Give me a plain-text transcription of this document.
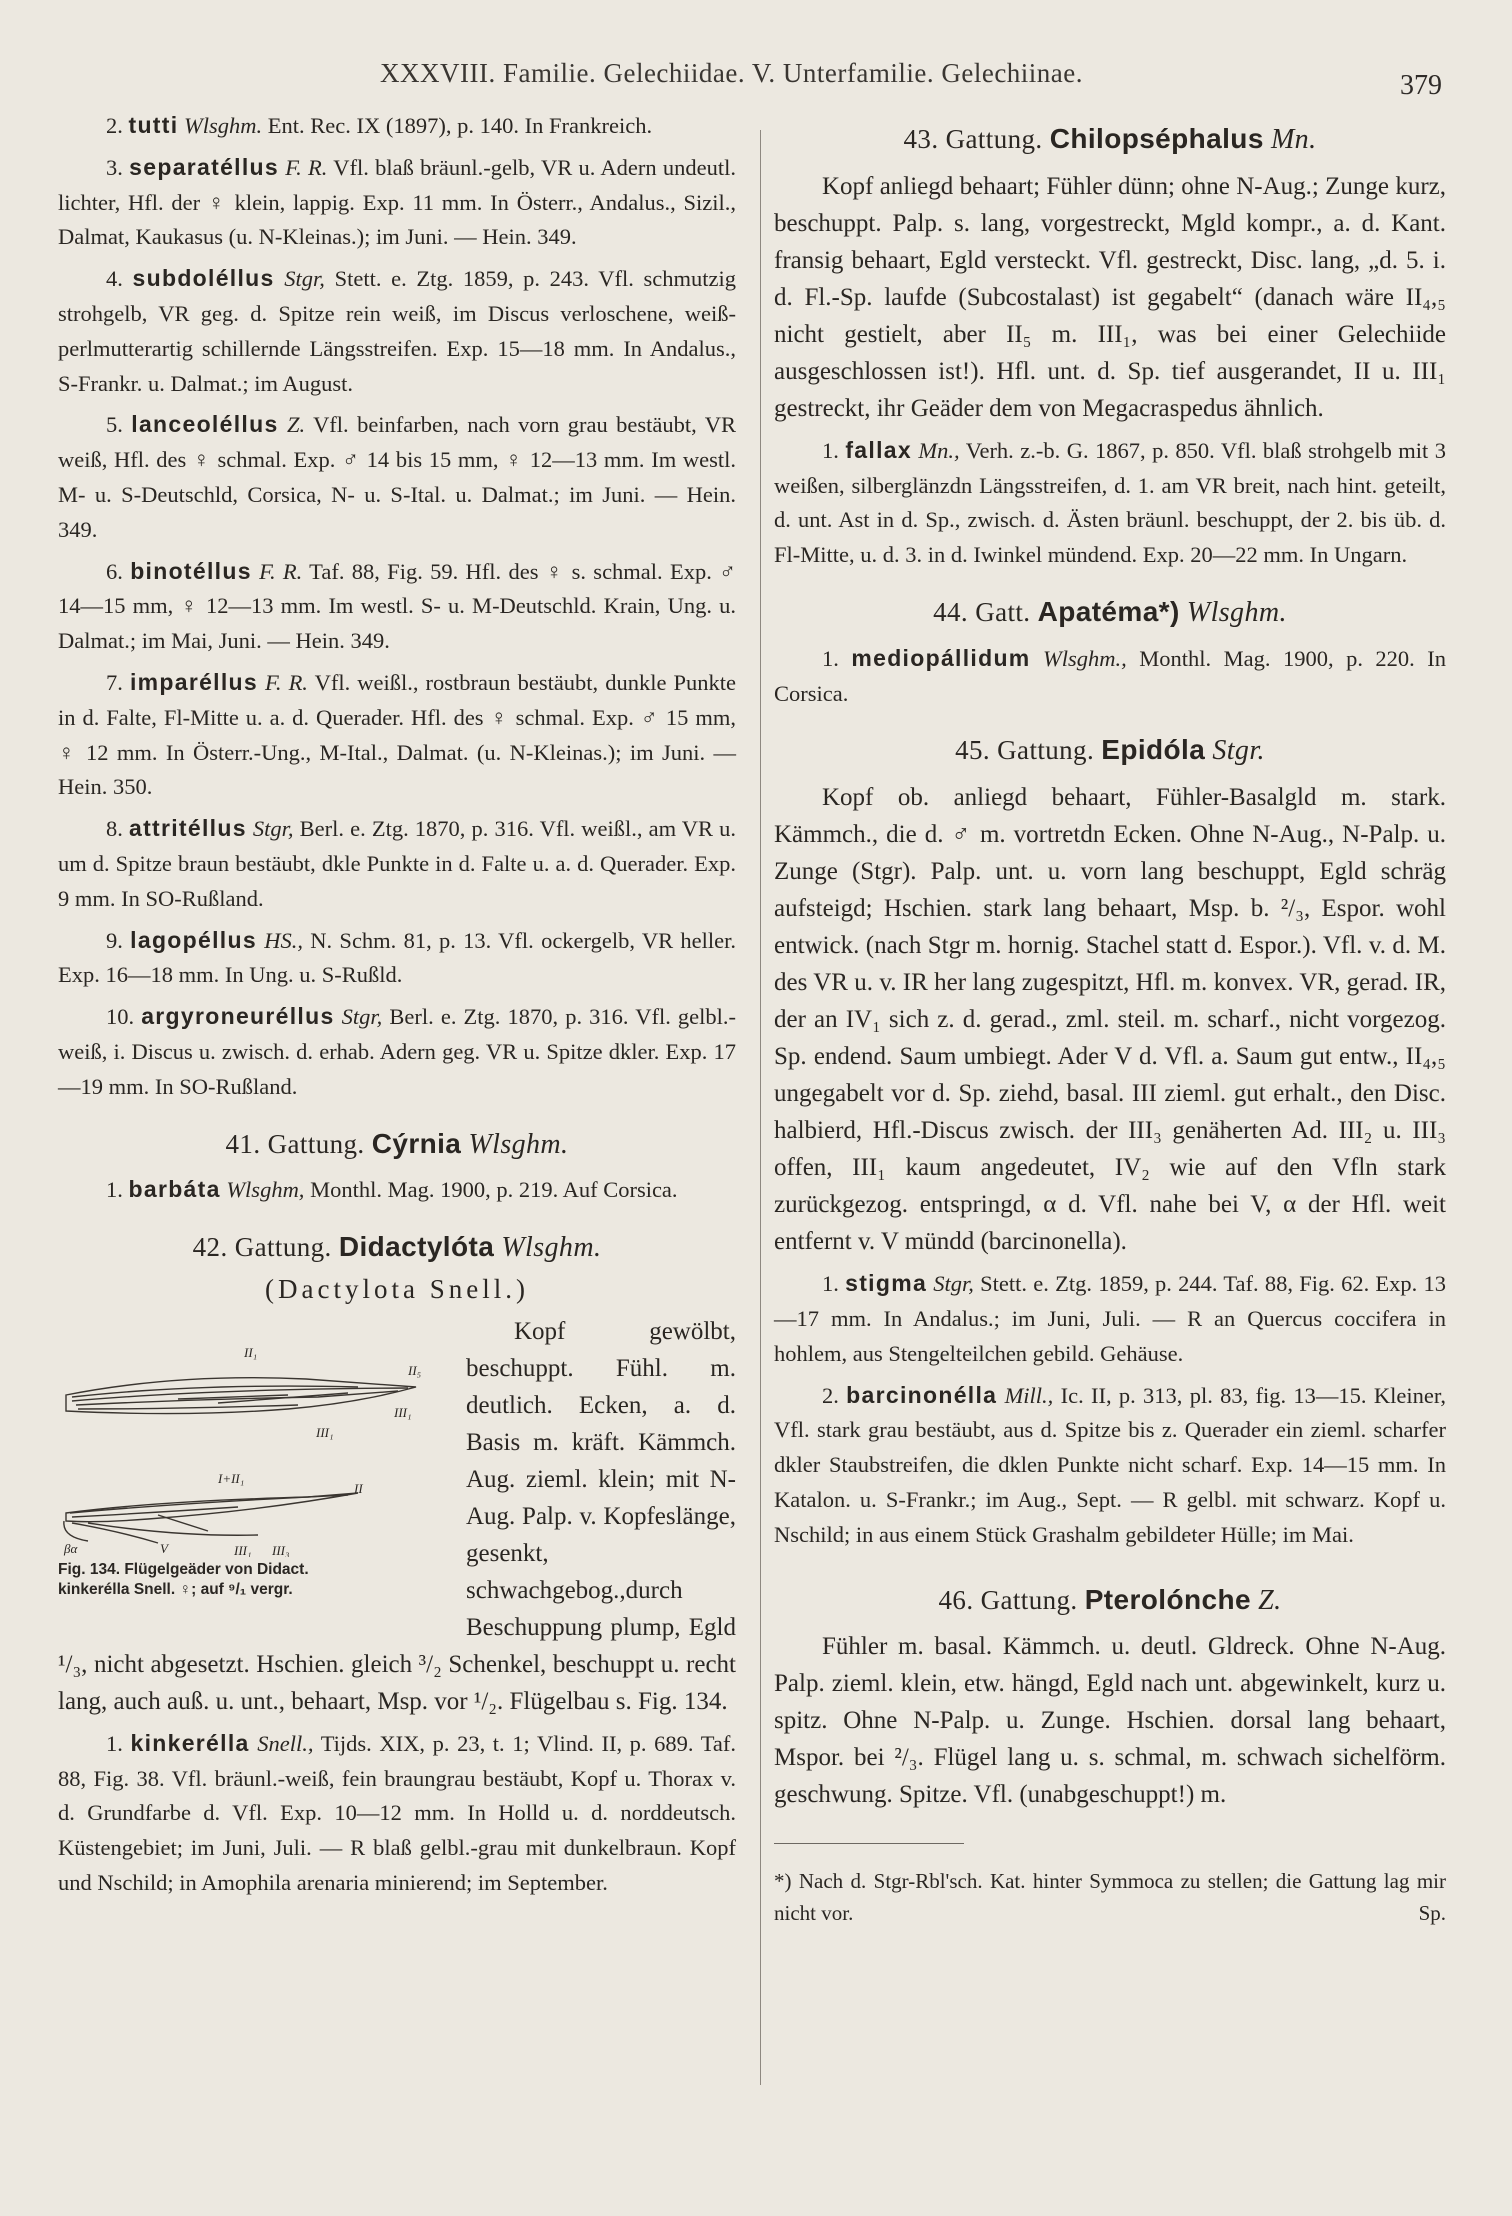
XXXVIII. Familie. Gelechiidae. V. Unterfamilie. Gelechiinae.	379

2. tutti Wlsghm. Ent. Rec. IX (1897), p. 140. In Frankreich.

3. separatéllus F. R. Vfl. blaß bräunl.-gelb, VR u. Adern undeutl. lichter, Hfl. der ♀ klein, lappig. Exp. 11 mm. In Österr., Andalus., Sizil., Dalmat, Kaukasus (u. N-Kleinas.); im Juni. — Hein. 349.

4. subdoléllus Stgr, Stett. e. Ztg. 1859, p. 243. Vfl. schmutzig strohgelb, VR geg. d. Spitze rein weiß, im Discus verloschene, weiß-perlmutterartig schillernde Längsstreifen. Exp. 15—18 mm. In Andalus., S-Frankr. u. Dalmat.; im August.

5. lanceoléllus Z. Vfl. beinfarben, nach vorn grau bestäubt, VR weiß, Hfl. des ♀ schmal. Exp. ♂ 14 bis 15 mm, ♀ 12—13 mm. Im westl. M- u. S-Deutschld, Corsica, N- u. S-Ital. u. Dalmat.; im Juni. — Hein. 349.

6. binotéllus F. R. Taf. 88, Fig. 59. Hfl. des ♀ s. schmal. Exp. ♂ 14—15 mm, ♀ 12—13 mm. Im westl. S- u. M-Deutschld. Krain, Ung. u. Dalmat.; im Mai, Juni. — Hein. 349.

7. imparéllus F. R. Vfl. weißl., rostbraun bestäubt, dunkle Punkte in d. Falte, Fl-Mitte u. a. d. Querader. Hfl. des ♀ schmal. Exp. ♂ 15 mm, ♀ 12 mm. In Österr.-Ung., M-Ital., Dalmat. (u. N-Kleinas.); im Juni. — Hein. 350.

8. attritéllus Stgr, Berl. e. Ztg. 1870, p. 316. Vfl. weißl., am VR u. um d. Spitze braun bestäubt, dkle Punkte in d. Falte u. a. d. Querader. Exp. 9 mm. In SO-Rußland.

9. lagopéllus HS., N. Schm. 81, p. 13. Vfl. ockergelb, VR heller. Exp. 16—18 mm. In Ung. u. S-Rußld.

10. argyroneuréllus Stgr, Berl. e. Ztg. 1870, p. 316. Vfl. gelbl.-weiß, i. Discus u. zwisch. d. erhab. Adern geg. VR u. Spitze dkler. Exp. 17—19 mm. In SO-Rußland.

41. Gattung. Cýrnia Wlsghm.

1. barbáta Wlsghm, Monthl. Mag. 1900, p. 219. Auf Corsica.

42. Gattung. Didactylóta Wlsghm.
(Dactylota Snell.)
II₁
II₅
III₁
III₁
I+II₁
II
βα	V	III₁ III₃
Fig. 134. Flügelgeäder von Didact.
kinkeréllа Snell. ♀; auf ⁹/₁ vergr.

Kopf gewölbt, beschuppt. Fühl. m. deutlich. Ecken, a. d. Basis m. kräft. Kämmch. Aug. zieml. klein; mit N-Aug. Palp. v. Kopfeslänge, gesenkt, schwachgebog.,durch Beschuppung plump, Egld ¹/₃, nicht abgesetzt. Hschien. gleich ³/₂ Schenkel, beschuppt u. recht lang, auch auß. u. unt., behaart, Msp. vor ¹/₂. Flügelbau s. Fig. 134.

1. kinkeréllа Snell., Tijds. XIX, p. 23, t. 1; Vlind. II, p. 689. Taf. 88, Fig. 38. Vfl. bräunl.-weiß, fein braungrau bestäubt, Kopf u. Thorax v. d. Grundfarbe d. Vfl. Exp. 10—12 mm. In Holld u. d. norddeutsch. Küstengebiet; im Juni, Juli. — R blaß gelbl.-grau mit dunkelbraun. Kopf und Nschild; in Amophila arenaria minierend; im September.

43. Gattung. Chilopséphalus Mn.

Kopf anliegd behaart; Fühler dünn; ohne N-Aug.; Zunge kurz, beschuppt. Palp. s. lang, vorgestreckt, Mgld kompr., a. d. Kant. fransig behaart, Egld versteckt. Vfl. gestreckt, Disc. lang, „d. 5. i. d. Fl.-Sp. laufde (Subcostalast) ist gegabelt“ (danach wäre II₄,₅ nicht gestielt, aber II₅ m. III₁, was bei einer Gelechiide ausgeschlossen ist!). Hfl. unt. d. Sp. tief ausgerandet, II u. III₁ gestreckt, ihr Geäder dem von Megacraspedus ähnlich.

1. fallax Mn., Verh. z.-b. G. 1867, p. 850. Vfl. blaß strohgelb mit 3 weißen, silberglänzdn Längsstreifen, d. 1. am VR breit, nach hint. geteilt, d. unt. Ast in d. Sp., zwisch. d. Ästen bräunl. beschuppt, der 2. bis üb. d. Fl-Mitte, u. d. 3. in d. Iwinkel mündend. Exp. 20—22 mm. In Ungarn.

44. Gatt. Apatéma*) Wlsghm.

1. mediopállidum Wlsghm., Monthl. Mag. 1900, p. 220. In Corsica.

45. Gattung. Epidóla Stgr.

Kopf ob. anliegd behaart, Fühler-Basalgld m. stark. Kämmch., die d. ♂ m. vortretdn Ecken. Ohne N-Aug., N-Palp. u. Zunge (Stgr). Palp. unt. u. vorn lang beschuppt, Egld schräg aufsteigd; Hschien. stark lang behaart, Msp. b. ²/₃, Espor. wohl entwick. (nach Stgr m. hornig. Stachel statt d. Espor.). Vfl. v. d. M. des VR u. v. IR her lang zugespitzt, Hfl. m. konvex. VR, gerad. IR, der an IV₁ sich z. d. gerad., zml. steil. m. scharf., nicht vorgezog. Sp. endend. Saum umbiegt. Ader V d. Vfl. a. Saum gut entw., II₄,₅ ungegabelt vor d. Sp. ziehd, basal. III zieml. gut erhalt., den Disc. halbierd, Hfl.-Discus zwisch. der III₃ genäherten Ad. III₂ u. III₃ offen, III₁ kaum angedeutet, IV₂ wie auf den Vfln stark zurückgezog. entspringd, α d. Vfl. nahe bei V, α der Hfl. weit entfernt v. V mündd (barcinonella).

1. stigma Stgr, Stett. e. Ztg. 1859, p. 244. Taf. 88, Fig. 62. Exp. 13—17 mm. In Andalus.; im Juni, Juli. — R an Quercus coccifera in hohlem, aus Stengelteilchen gebild. Gehäuse.

2. barcinonélla Mill., Ic. II, p. 313, pl. 83, fig. 13—15. Kleiner, Vfl. stark grau bestäubt, aus d. Spitze bis z. Querader ein zieml. scharfer dkler Staubstreifen, die dklen Punkte nicht scharf. Exp. 14—15 mm. In Katalon. u. S-Frankr.; im Aug., Sept. — R gelbl. mit schwarz. Kopf u. Nschild; in aus einem Stück Grashalm gebildeter Hülle; im Mai.

46. Gattung. Pterolónche Z.

Fühler m. basal. Kämmch. u. deutl. Gldreck. Ohne N-Aug. Palp. zieml. klein, etw. hängd, Egld nach unt. abgewinkelt, kurz u. spitz. Ohne N-Palp. u. Zunge. Hschien. dorsal lang behaart, Mspor. bei ²/₃. Flügel lang u. s. schmal, m. schwach sichelförm. geschwung. Spitze. Vfl. (unabgeschuppt!) m.

*) Nach d. Stgr-Rbl'sch. Kat. hinter Symmoca zu stellen; die Gattung lag mir nicht vor.	Sp.
